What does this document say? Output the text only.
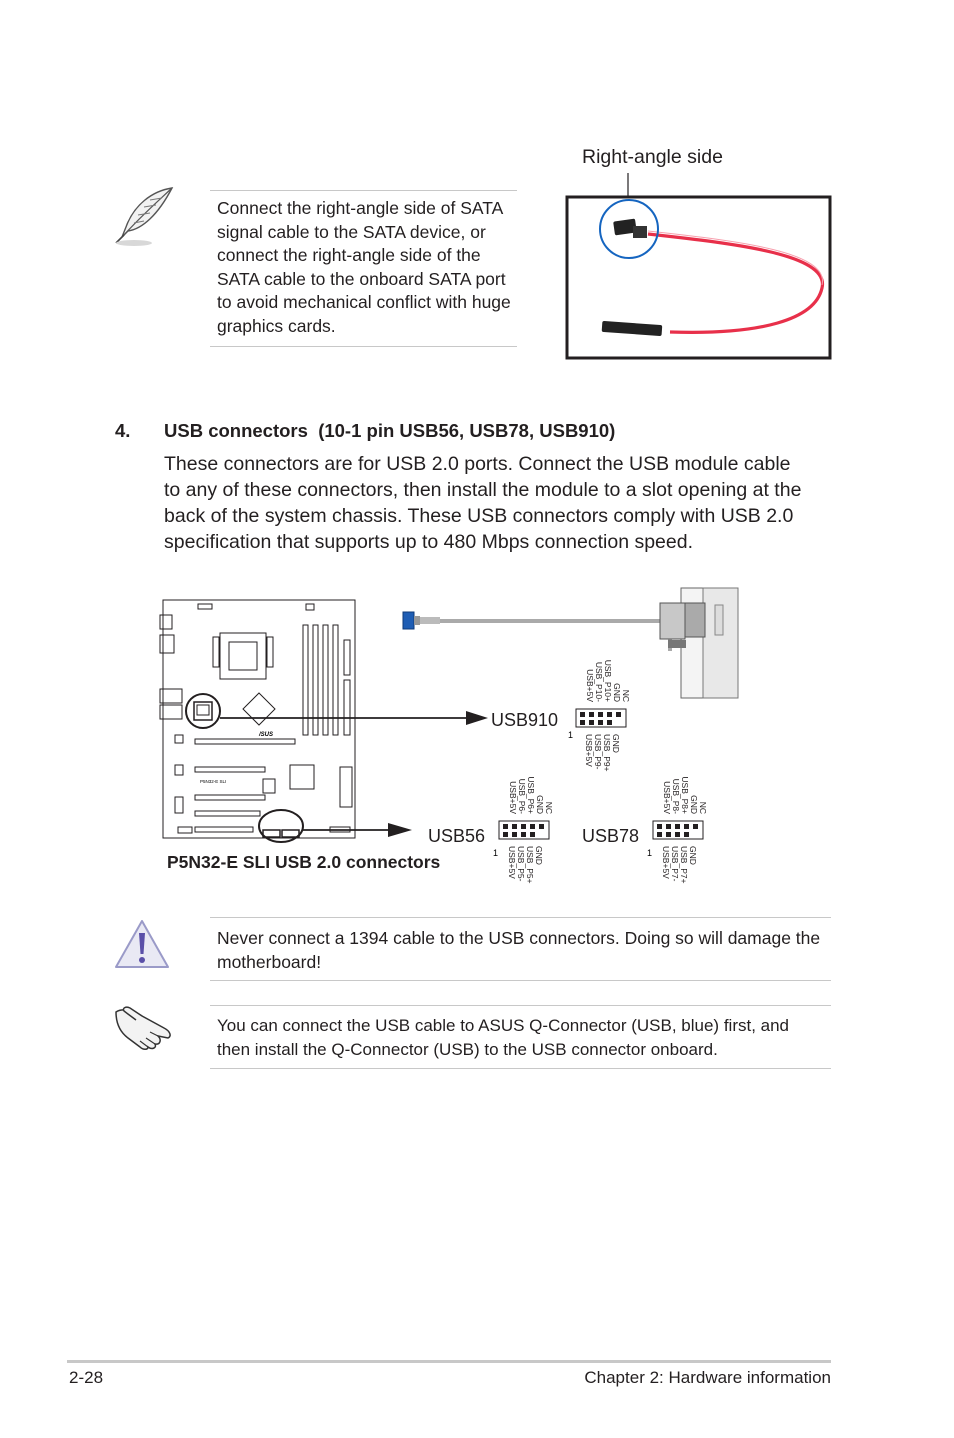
Connect the right-angle side of SATA signal cable to the SATA device, or connect the right-angle side of the SATA cable to the onboard SATA port to avoid mechanical conflict with huge graphics cards.
Right-angle side
4. USB connectors  (10-1 pin USB56, USB78, USB910)
These connectors are for USB 2.0 ports. Connect the USB module cable to any of these connectors, then install the module to a slot opening at the back of the system chassis. These USB connectors comply with USB 2.0 specification that supports up to 480 Mbps connection speed.
/SUS
P5N32-E SLI
1
1	1
NC
GND
USB_P10+
USB_P10-
USB+5V
GND
USB_P9+
USB_P9-
USB+5V
NC
GND
USB_P6+
USB_P6-
USB+5V
GND
USB_P5+
USB_P5-
USB+5V
NC
GND
USB_P8+
USB_P8-
USB+5V
GND
USB_P7+
USB_P7-
USB+5V
USB910
USB56	USB78
P5N32-E SLI USB 2.0 connectors
Never connect a 1394 cable to the USB connectors. Doing so will damage the motherboard!
You can connect the USB cable to ASUS Q-Connector (USB, blue) first, and then install the Q-Connector (USB) to the USB connector onboard.
2-28	Chapter 2: Hardware information
